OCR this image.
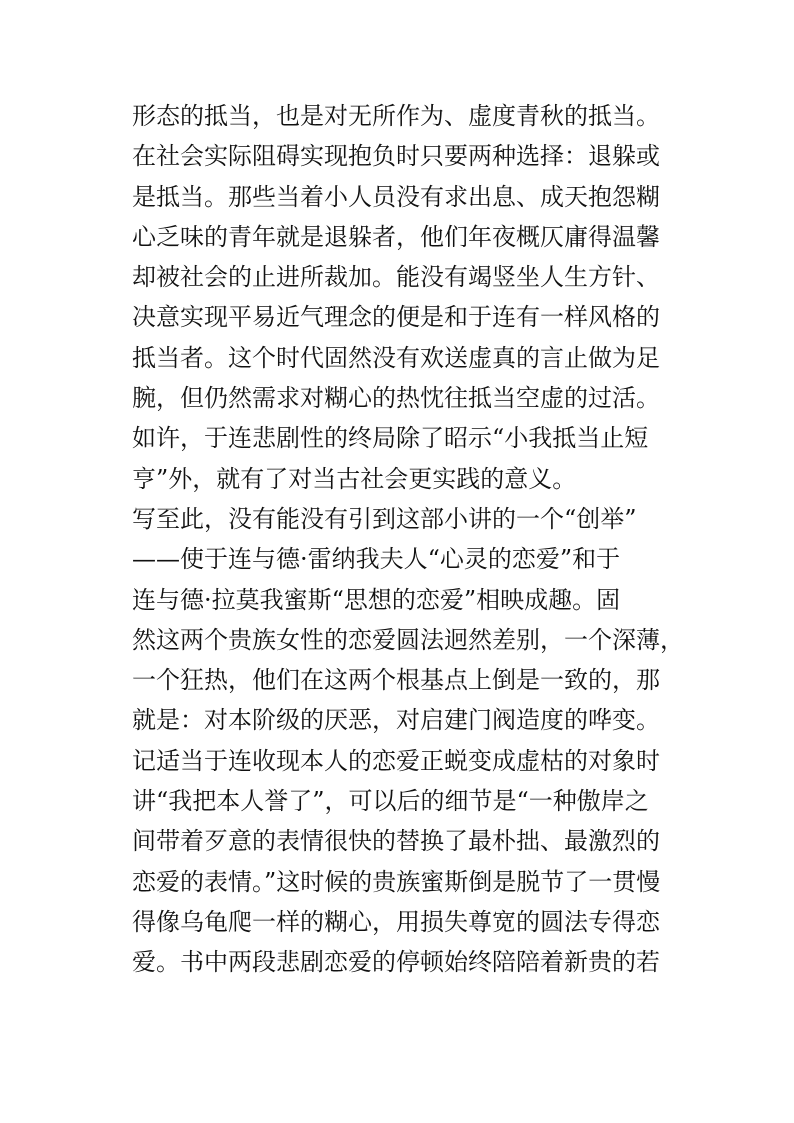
形态的抵当，也是对无所作为、虚度青秋的抵当。
在社会实际阻碍实现抱负时只要两种选择：退躲或
是抵当。那些当着小人员没有求出息、成天抱怨糊
心乏味的青年就是退躲者，他们年夜概仄庸得温馨
却被社会的止进所裁加。能没有竭竖坐人生方针、
决意实现平易近气理念的便是和于连有一样风格的
抵当者。这个时代固然没有欢送虚真的言止做为足
腕，但仍然需求对糊心的热忱往抵当空虚的过活。
如许，于连悲剧性的终局除了昭示“小我抵当止短
亨”外，就有了对当古社会更实践的意义。
写至此，没有能没有引到这部小讲的一个“创举”
——使于连与德·雷纳我夫人“心灵的恋爱”和于
连与德·拉莫我蜜斯“思想的恋爱”相映成趣。固
然这两个贵族女性的恋爱圆法迥然差别，一个深薄，
一个狂热，他们在这两个根基点上倒是一致的，那
就是：对本阶级的厌恶，对启建门阀造度的哗变。
记适当于连收现本人的恋爱正蜕变成虚枯的对象时
讲“我把本人誉了”，可以后的细节是“一种傲岸之
间带着歹意的表情很快的替换了最朴拙、最激烈的
恋爱的表情。”这时候的贵族蜜斯倒是脱节了一贯慢
得像乌龟爬一样的糊心，用损失尊宽的圆法专得恋
爱。书中两段悲剧恋爱的停顿始终陪陪着新贵的若
